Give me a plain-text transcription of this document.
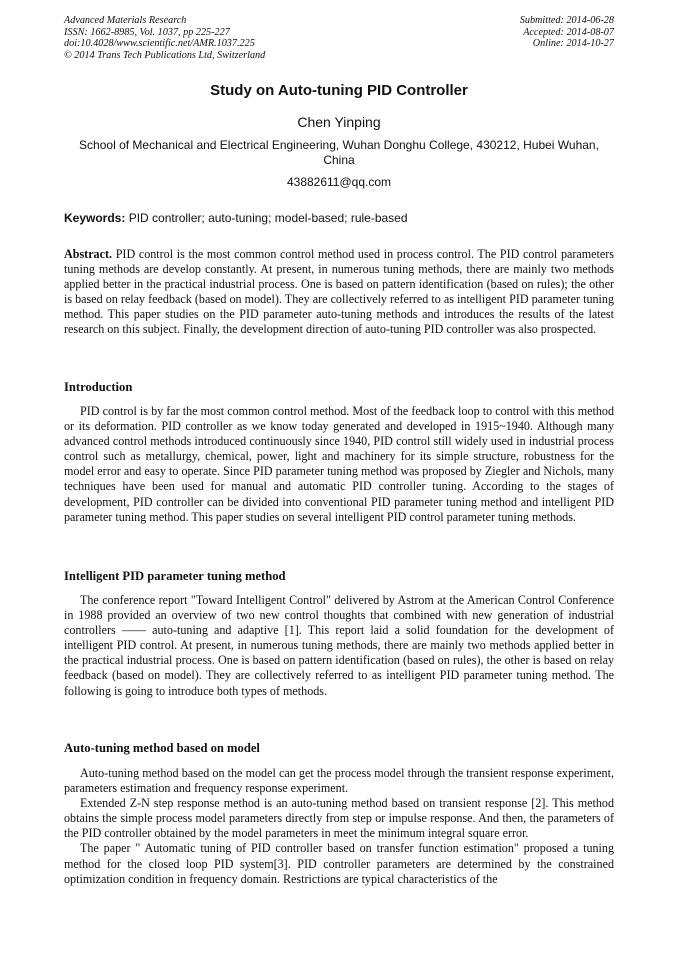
Advanced Materials Research
ISSN: 1662-8985, Vol. 1037, pp 225-227
doi:10.4028/www.scientific.net/AMR.1037.225
© 2014 Trans Tech Publications Ltd, Switzerland
Submitted: 2014-06-28
Accepted: 2014-08-07
Online: 2014-10-27
Study on Auto-tuning PID Controller
Chen Yinping
School of Mechanical and Electrical Engineering, Wuhan Donghu College, 430212, Hubei Wuhan, China
43882611@qq.com
Keywords: PID controller; auto-tuning; model-based; rule-based

Abstract. PID control is the most common control method used in process control. The PID control parameters tuning methods are develop constantly. At present, in numerous tuning methods, there are mainly two methods applied better in the practical industrial process. One is based on pattern identification (based on rules); the other is based on relay feedback (based on model). They are collectively referred to as intelligent PID parameter tuning method. This paper studies on the PID parameter auto-tuning methods and introduces the results of the latest research on this subject. Finally, the development direction of auto-tuning PID controller was also prospected.

Introduction

PID control is by far the most common control method. Most of the feedback loop to control with this method or its deformation. PID controller as we know today generated and developed in 1915~1940. Although many advanced control methods introduced continuously since 1940, PID control still widely used in industrial process control such as metallurgy, chemical, power, light and machinery for its simple structure, robustness for the model error and easy to operate. Since PID parameter tuning method was proposed by Ziegler and Nichols, many techniques have been used for manual and automatic PID controller tuning. According to the stages of development, PID controller can be divided into conventional PID parameter tuning method and intelligent PID parameter tuning method. This paper studies on several intelligent PID control parameter tuning methods.

Intelligent PID parameter tuning method

The conference report "Toward Intelligent Control" delivered by Astrom at the American Control Conference in 1988 provided an overview of two new control thoughts that combined with new generation of industrial controllers —— auto-tuning and adaptive [1]. This report laid a solid foundation for the development of intelligent PID control. At present, in numerous tuning methods, there are mainly two methods applied better in the practical industrial process. One is based on pattern identification (based on rules), the other is based on relay feedback (based on model). They are collectively referred to as intelligent PID parameter tuning method. The following is going to introduce both types of methods.

Auto-tuning method based on model

Auto-tuning method based on the model can get the process model through the transient response experiment, parameters estimation and frequency response experiment.

Extended Z-N step response method is an auto-tuning method based on transient response [2]. This method obtains the simple process model parameters directly from step or impulse response. And then, the parameters of the PID controller obtained by the model parameters in meet the minimum integral square error.

The paper " Automatic tuning of PID controller based on transfer function estimation" proposed a tuning method for the closed loop PID system[3]. PID controller parameters are determined by the constrained optimization condition in frequency domain. Restrictions are typical characteristics of the
